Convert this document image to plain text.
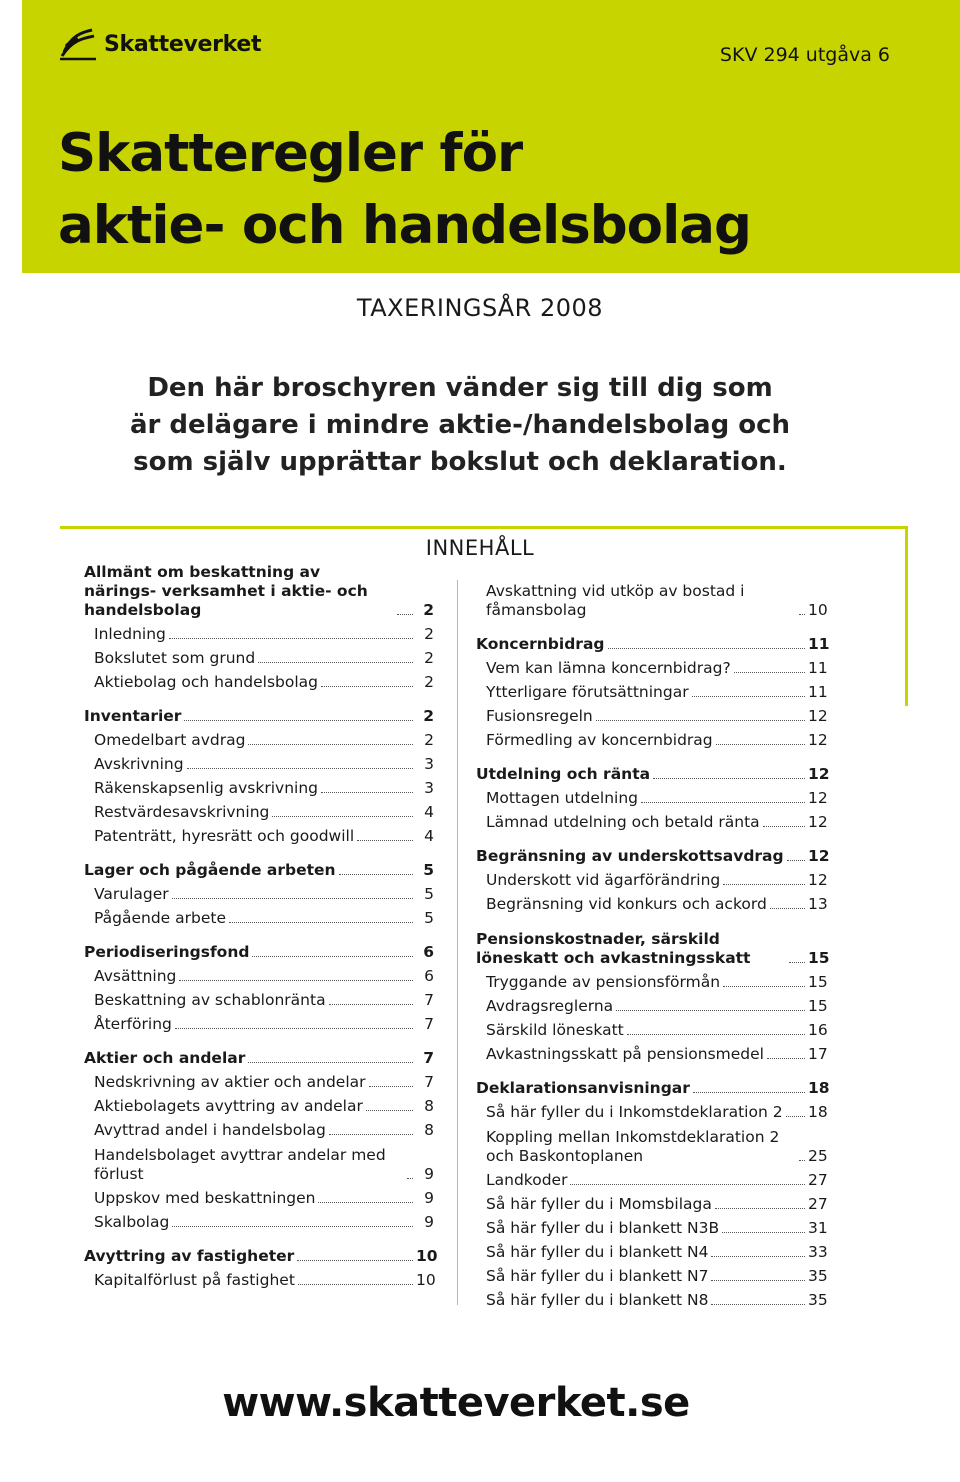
Skatteverket	SKV 294 utgåva 6
Skatteregler för
aktie- och handelsbolag
TAXERINGSÅR 2008

Den här broschyren vänder sig till dig som
är delägare i mindre aktie-/handelsbolag och
som själv upprättar bokslut och deklaration.

INNEHÅLL
Allmänt om beskattning av närings- verksamhet i aktie- och handelsbolag	2
Inledning	2
Bokslutet som grund	2
Aktiebolag och handelsbolag	2
Inventarier	2
Omedelbart avdrag	2
Avskrivning	3
Räkenskapsenlig avskrivning	3
Restvärdesavskrivning	4
Patenträtt, hyresrätt och goodwill	4
Lager och pågående arbeten	5
Varulager	5
Pågående arbete	5
Periodiseringsfond	6
Avsättning	6
Beskattning av schablonränta	7
Återföring	7
Aktier och andelar	7
Nedskrivning av aktier och andelar	7
Aktiebolagets avyttring av andelar	8
Avyttrad andel i handelsbolag	8
Handelsbolaget avyttrar andelar med förlust	9
Uppskov med beskattningen	9
Skalbolag	9
Avyttring av fastigheter	10
Kapitalförlust på fastighet	10
Avskattning vid utköp av bostad i fåmansbolag	10
Koncernbidrag	11
Vem kan lämna koncernbidrag?	11
Ytterligare förutsättningar	11
Fusionsregeln	12
Förmedling av koncernbidrag	12
Utdelning och ränta	12
Mottagen utdelning	12
Lämnad utdelning och betald ränta	12
Begränsning av underskottsavdrag 12
Underskott vid ägarförändring	12
Begränsning vid konkurs och ackord	13
Pensionskostnader, särskild löneskatt och avkastningsskatt	15
Tryggande av pensionsförmån	15
Avdragsreglerna	15
Särskild löneskatt	16
Avkastningsskatt på pensionsmedel	17
Deklarationsanvisningar	18
Så här fyller du i Inkomstdeklaration 2 18
Koppling mellan Inkomstdeklaration 2 och Baskontoplanen	25
Landkoder	27
Så här fyller du i Momsbilaga	27
Så här fyller du i blankett N3B	31
Så här fyller du i blankett N4	33
Så här fyller du i blankett N7	35
Så här fyller du i blankett N8	35
www.skatteverket.se
